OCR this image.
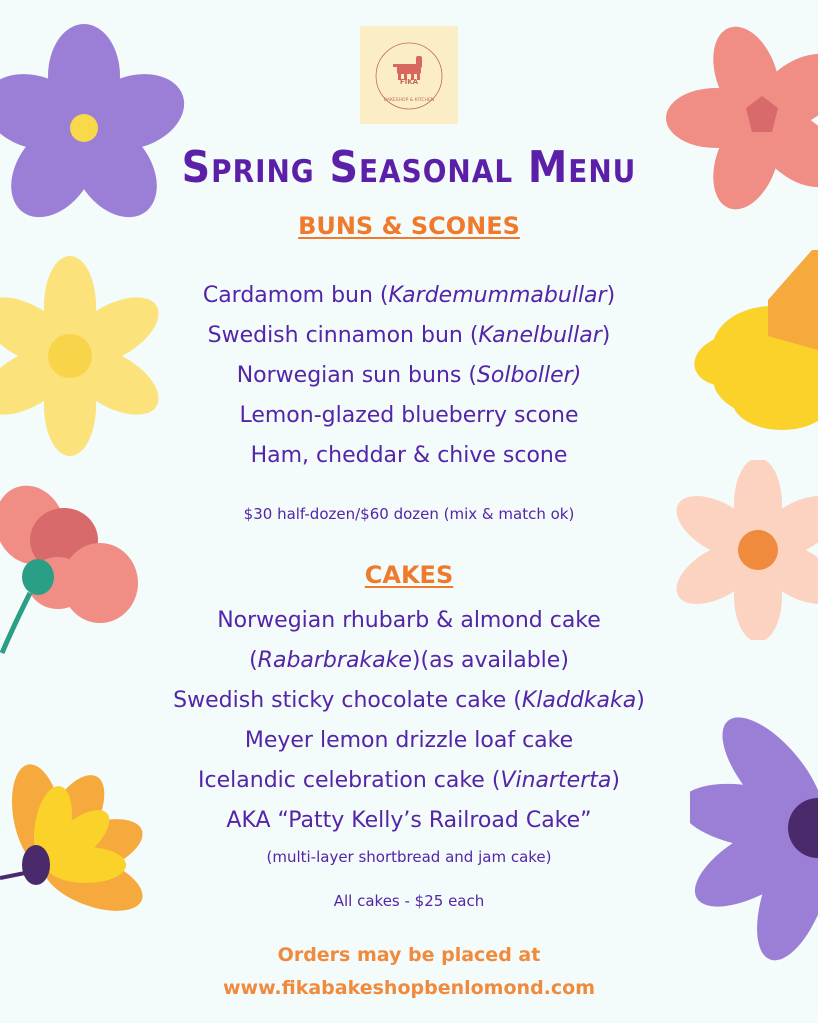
FIKA
BAKESHOP & KITCHEN
Spring Seasonal Menu
BUNS & SCONES
Cardamom bun (Kardemummabullar)
Swedish cinnamon bun (Kanelbullar)
Norwegian sun buns (Solboller)
Lemon-glazed blueberry scone
Ham, cheddar & chive scone
$30 half-dozen/$60 dozen (mix & match ok)
CAKES
Norwegian rhubarb & almond cake
(Rabarbrakake)(as available)
Swedish sticky chocolate cake (Kladdkaka)
Meyer lemon drizzle loaf cake
Icelandic celebration cake (Vinarterta)
AKA “Patty Kelly’s Railroad Cake”
(multi-layer shortbread and jam cake)
All cakes - $25 each
Orders may be placed at
www.fikabakeshopbenlomond.com
